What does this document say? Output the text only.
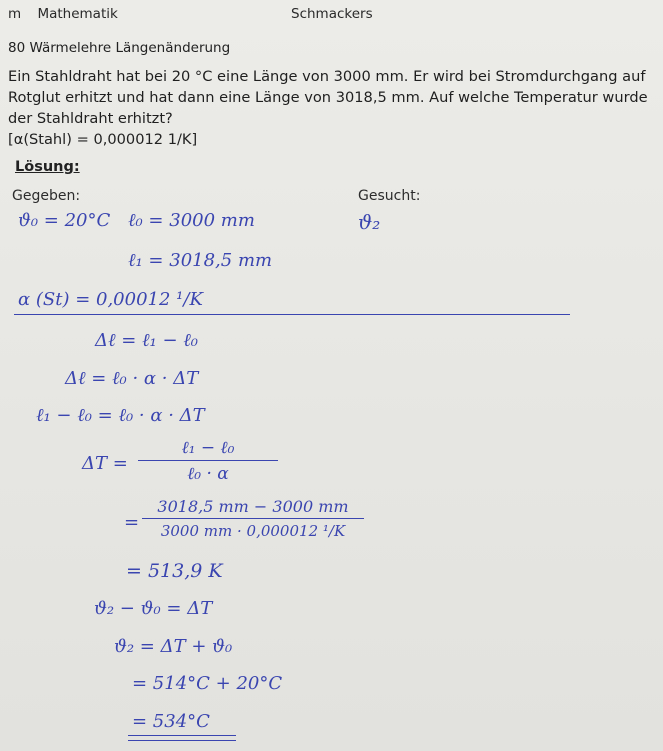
m Mathematik	Schmackers
80 Wärmelehre Längenänderung
Ein Stahldraht hat bei 20 °C eine Länge von 3000 mm. Er wird bei Stromdurchgang auf Rotglut erhitzt und hat dann eine Länge von 3018,5 mm. Auf welche Temperatur wurde der Stahldraht erhitzt?
[α(Stahl) = 0,000012 1/K]
Lösung:
Gegeben:	Gesucht:
ϑ₀ = 20°C ℓ₀ = 3000 mm	ϑ₂
ℓ₁ = 3018,5 mm
α (St) = 0,00012 ¹/K
Δℓ = ℓ₁ − ℓ₀
Δℓ = ℓ₀ · α · ΔT
ℓ₁ − ℓ₀ = ℓ₀ · α · ΔT
ΔT =
ℓ₁ − ℓ₀
ℓ₀ · α
=
3018,5 mm − 3000 mm
3000 mm · 0,000012 ¹/K
= 513,9 K
ϑ₂ − ϑ₀ = ΔT
ϑ₂ = ΔT + ϑ₀
= 514°C + 20°C
= 534°C
